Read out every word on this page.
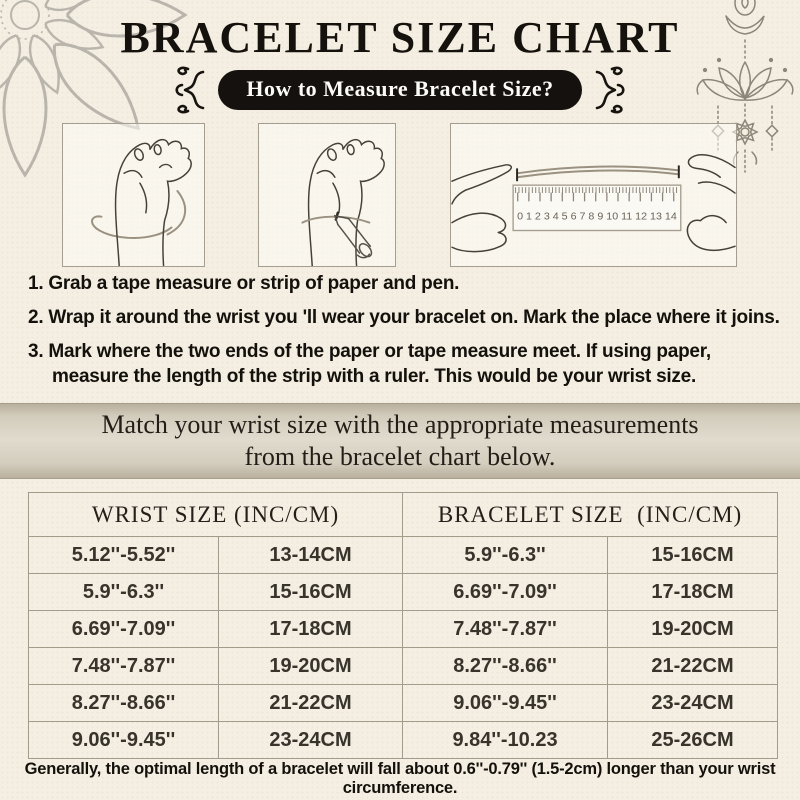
BRACELET SIZE CHART
How to Measure Bracelet Size?
0 1 2 3 4 5 6 7 8 9 10 11 12 13 14
1. Grab a tape measure or strip of paper and pen.
2. Wrap it around the wrist you 'll wear your bracelet on. Mark the place where it joins.
3. Mark where the two ends of the paper or tape measure meet. If using paper, measure the length of the strip with a ruler. This would be your wrist size.
Match your wrist size with the appropriate measurements
from the bracelet chart below.
WRIST SIZE (INC/CM)		BRACELET SIZE  (INC/CM)	
5.12''-5.52''	13-14CM	5.9''-6.3''	15-16CM
5.9''-6.3''	15-16CM	6.69''-7.09''	17-18CM
6.69''-7.09''	17-18CM	7.48''-7.87''	19-20CM
7.48''-7.87''	19-20CM	8.27''-8.66''	21-22CM
8.27''-8.66''	21-22CM	9.06''-9.45''	23-24CM
9.06''-9.45''	23-24CM	9.84''-10.23	25-26CM
Generally, the optimal length of a bracelet will fall about 0.6''-0.79'' (1.5-2cm) longer than your wrist circumference.
